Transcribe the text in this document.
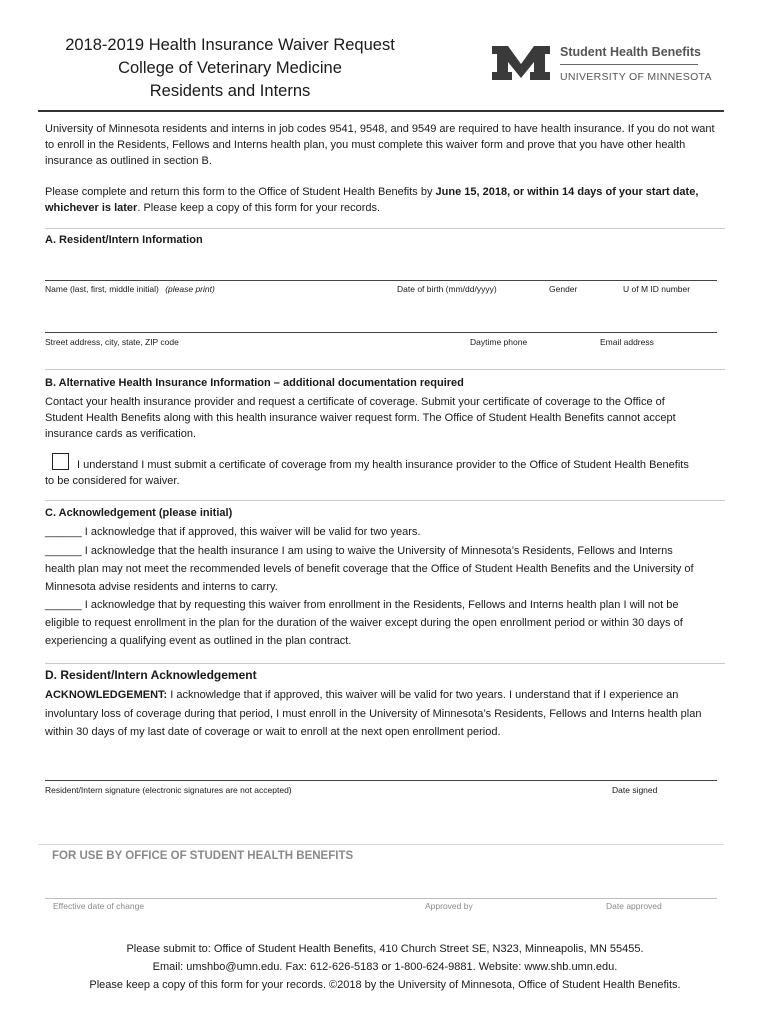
2018-2019 Health Insurance Waiver Request
College of Veterinary Medicine
Residents and Interns
Student Health Benefits
UNIVERSITY OF MINNESOTA
University of Minnesota residents and interns in job codes 9541, 9548, and 9549 are required to have health insurance. If you do not want to enroll in the Residents, Fellows and Interns health plan, you must complete this waiver form and prove that you have other health insurance as outlined in section B.
Please complete and return this form to the Office of Student Health Benefits by June 15, 2018, or within 14 days of your start date, whichever is later. Please keep a copy of this form for your records.
A. Resident/Intern Information
Name (last, first, middle initial) (please print)	Date of birth (mm/dd/yyyy)	Gender	U of M ID number
Street address, city, state, ZIP code	Daytime phone	Email address
B. Alternative Health Insurance Information – additional documentation required
Contact your health insurance provider and request a certificate of coverage. Submit your certificate of coverage to the Office of Student Health Benefits along with this health insurance waiver request form. The Office of Student Health Benefits cannot accept insurance cards as verification.
I understand I must submit a certificate of coverage from my health insurance provider to the Office of Student Health Benefits to be considered for waiver.
C. Acknowledgement (please initial)
______ I acknowledge that if approved, this waiver will be valid for two years.
______ I acknowledge that the health insurance I am using to waive the University of Minnesota’s Residents, Fellows and Interns health plan may not meet the recommended levels of benefit coverage that the Office of Student Health Benefits and the University of Minnesota advise residents and interns to carry.
______ I acknowledge that by requesting this waiver from enrollment in the Residents, Fellows and Interns health plan I will not be eligible to request enrollment in the plan for the duration of the waiver except during the open enrollment period or within 30 days of experiencing a qualifying event as outlined in the plan contract.
D. Resident/Intern Acknowledgement
ACKNOWLEDGEMENT: I acknowledge that if approved, this waiver will be valid for two years. I understand that if I experience an involuntary loss of coverage during that period, I must enroll in the University of Minnesota’s Residents, Fellows and Interns health plan within 30 days of my last date of coverage or wait to enroll at the next open enrollment period.
Resident/Intern signature (electronic signatures are not accepted)	Date signed
FOR USE BY OFFICE OF STUDENT HEALTH BENEFITS
Effective date of change	Approved by	Date approved
Please submit to: Office of Student Health Benefits, 410 Church Street SE, N323, Minneapolis, MN 55455.
Email: umshbo@umn.edu. Fax: 612-626-5183 or 1-800-624-9881. Website: www.shb.umn.edu.
Please keep a copy of this form for your records. ©2018 by the University of Minnesota, Office of Student Health Benefits.
